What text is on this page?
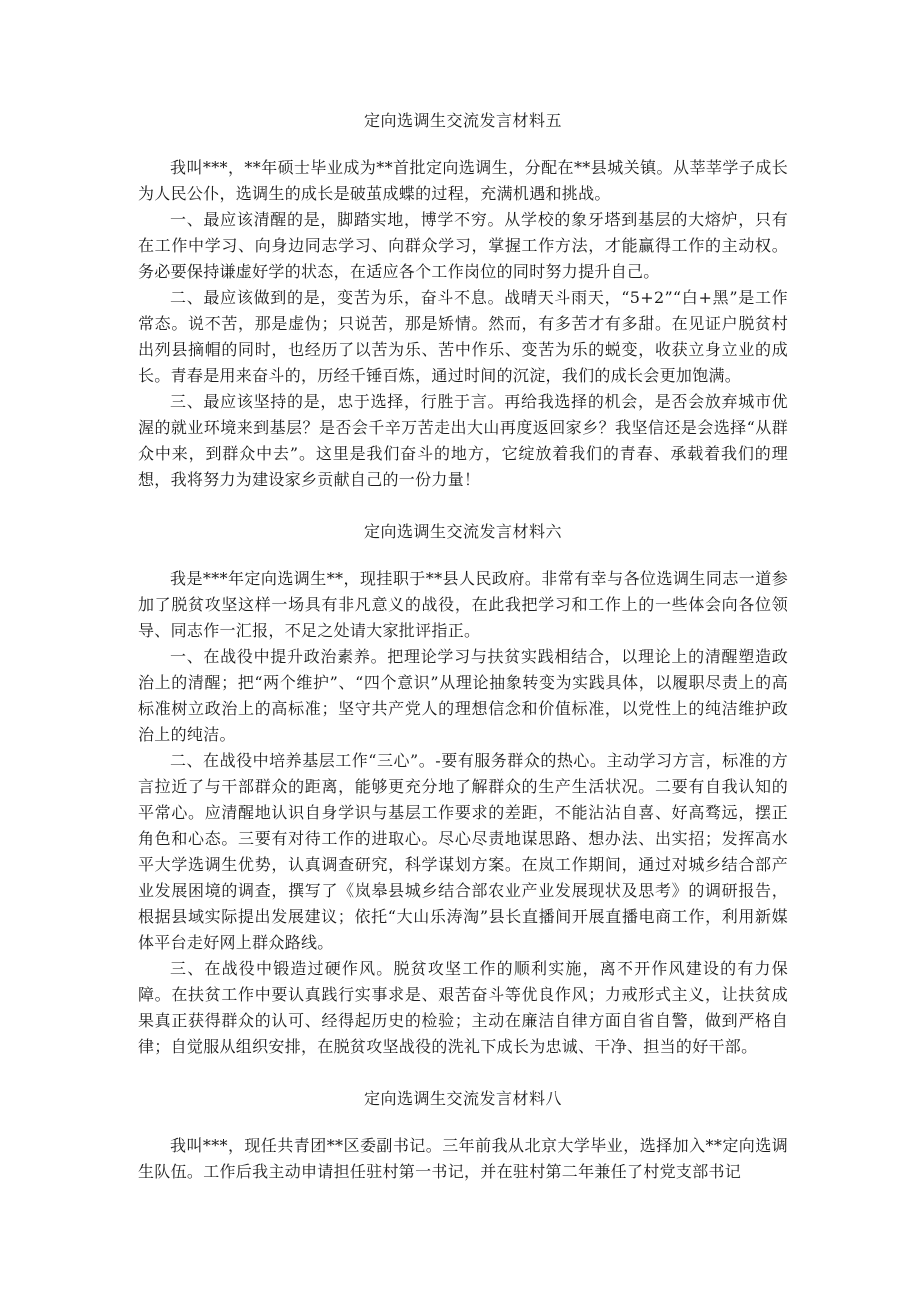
定向选调生交流发言材料五

我叫***，**年硕士毕业成为**首批定向选调生，分配在**县城关镇。从莘莘学子成长为人民公仆，选调生的成长是破茧成蝶的过程，充满机遇和挑战。

一、最应该清醒的是，脚踏实地，博学不穷。从学校的象牙塔到基层的大熔炉，只有在工作中学习、向身边同志学习、向群众学习，掌握工作方法，才能赢得工作的主动权。务必要保持谦虚好学的状态，在适应各个工作岗位的同时努力提升自己。

二、最应该做到的是，变苦为乐，奋斗不息。战晴天斗雨天，“5+2”“白+黑”是工作常态。说不苦，那是虚伪；只说苦，那是矫情。然而，有多苦才有多甜。在见证户脱贫村出列县摘帽的同时，也经历了以苦为乐、苦中作乐、变苦为乐的蜕变，收获立身立业的成长。青春是用来奋斗的，历经千锤百炼，通过时间的沉淀，我们的成长会更加饱满。

三、最应该坚持的是，忠于选择，行胜于言。再给我选择的机会，是否会放弃城市优渥的就业环境来到基层？是否会千辛万苦走出大山再度返回家乡？我坚信还是会选择“从群众中来，到群众中去”。这里是我们奋斗的地方，它绽放着我们的青春、承载着我们的理想，我将努力为建设家乡贡献自己的一份力量！

定向选调生交流发言材料六

我是***年定向选调生**，现挂职于**县人民政府。非常有幸与各位选调生同志一道参加了脱贫攻坚这样一场具有非凡意义的战役，在此我把学习和工作上的一些体会向各位领导、同志作一汇报，不足之处请大家批评指正。

一、在战役中提升政治素养。把理论学习与扶贫实践相结合，以理论上的清醒塑造政治上的清醒；把“两个维护”、“四个意识”从理论抽象转变为实践具体，以履职尽责上的高标准树立政治上的高标准；坚守共产党人的理想信念和价值标准，以党性上的纯洁维护政治上的纯洁。

二、在战役中培养基层工作“三心”。-要有服务群众的热心。主动学习方言，标准的方言拉近了与干部群众的距离，能够更充分地了解群众的生产生活状况。二要有自我认知的平常心。应清醒地认识自身学识与基层工作要求的差距，不能沾沾自喜、好高骛远，摆正角色和心态。三要有对待工作的进取心。尽心尽责地谋思路、想办法、出实招；发挥高水平大学选调生优势，认真调查研究，科学谋划方案。在岚工作期间，通过对城乡结合部产业发展困境的调查，撰写了《岚皋县城乡结合部农业产业发展现状及思考》的调研报告，根据县域实际提出发展建议；依托“大山乐涛淘”县长直播间开展直播电商工作，利用新媒体平台走好网上群众路线。

三、在战役中锻造过硬作风。脱贫攻坚工作的顺利实施，离不开作风建设的有力保障。在扶贫工作中要认真践行实事求是、艰苦奋斗等优良作风；力戒形式主义，让扶贫成果真正获得群众的认可、经得起历史的检验；主动在廉洁自律方面自省自警，做到严格自律；自觉服从组织安排，在脱贫攻坚战役的洗礼下成长为忠诚、干净、担当的好干部。

定向选调生交流发言材料八

我叫***，现任共青团**区委副书记。三年前我从北京大学毕业，选择加入**定向选调生队伍。工作后我主动申请担任驻村第一书记，并在驻村第二年兼任了村党支部书记
